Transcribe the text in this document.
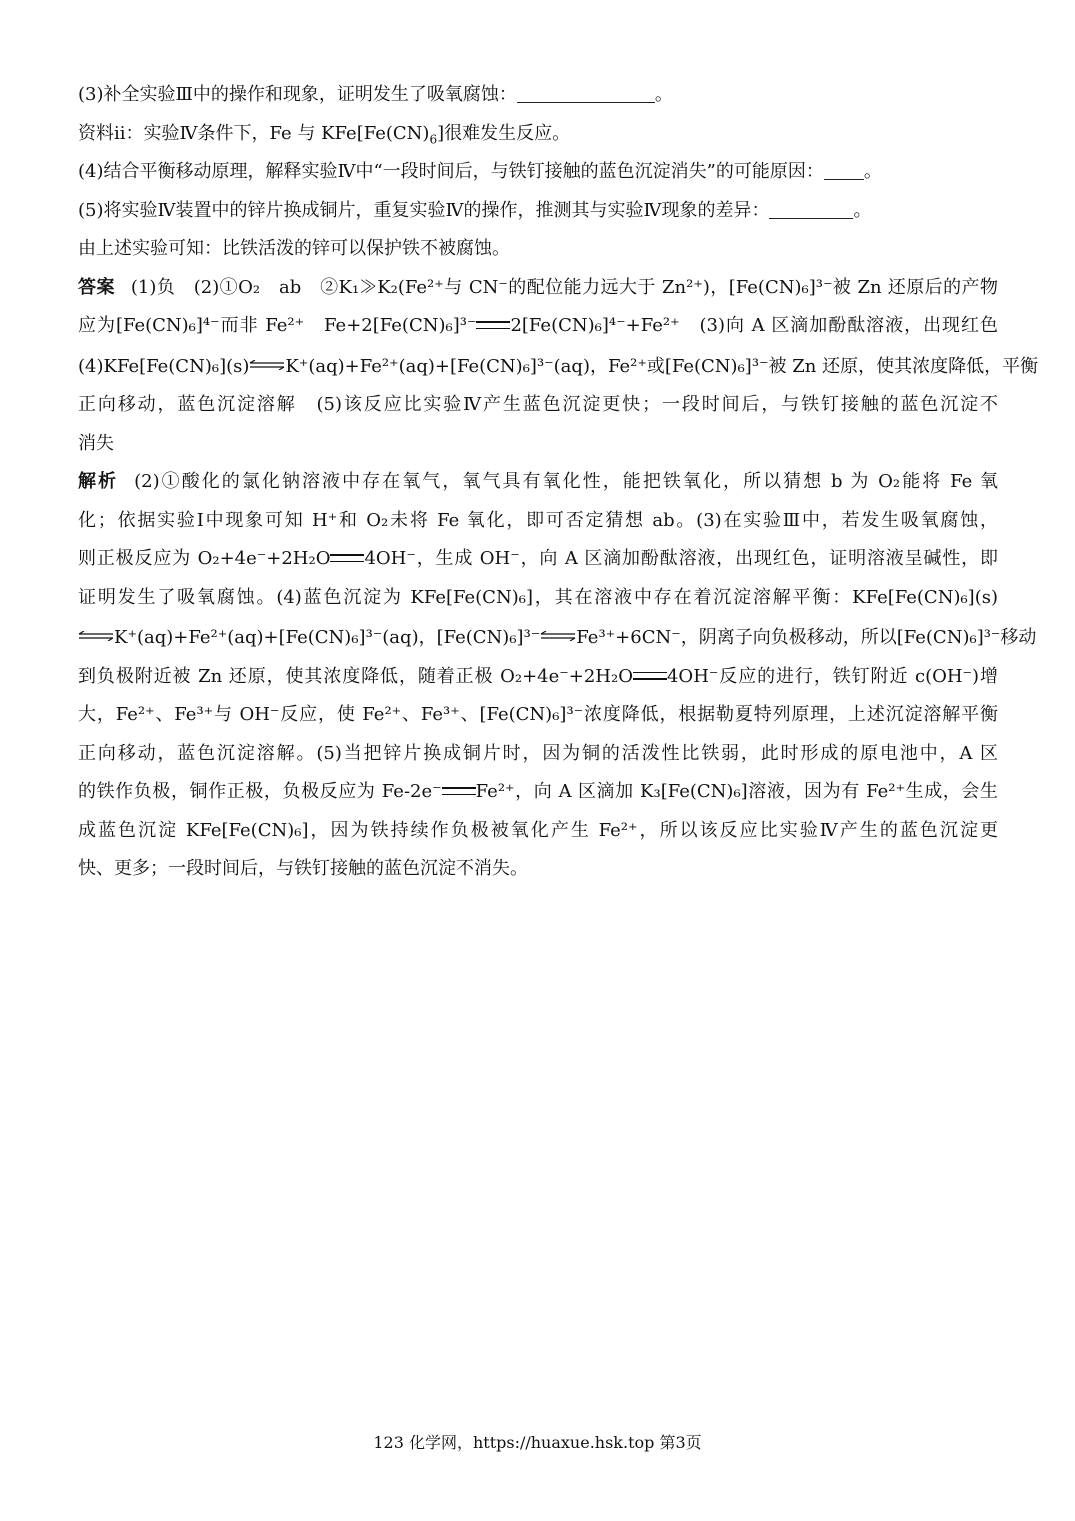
(3)补全实验Ⅲ中的操作和现象，证明发生了吸氧腐蚀：	。
资料ⅱ：实验Ⅳ条件下，Fe 与 $KFe[Fe(CN)_6]$很难发生反应。
(4)结合平衡移动原理，解释实验Ⅳ中“一段时间后，与铁钉接触的蓝色沉淀消失”的可能原因： 。
(5)将实验Ⅳ装置中的锌片换成铜片，重复实验Ⅳ的操作，推测其与实验Ⅳ现象的差异：	。
由上述实验可知：比铁活泼的锌可以保护铁不被腐蚀。
答案 (1)负　(2)①O₂　ab　②K₁≫K₂(Fe²⁺与 CN⁻的配位能力远大于 Zn²⁺)，[Fe(CN)₆]³⁻被 Zn 还原后的产物
应为[Fe(CN)₆]⁴⁻而非 Fe²⁺　Fe+2[Fe(CN)₆]³⁻ 2[Fe(CN)₆]⁴⁻+Fe²⁺　(3)向 A 区滴加酚酞溶液，出现红色
(4)KFe[Fe(CN)₆](s)⇌K⁺(aq)+Fe²⁺(aq)+[Fe(CN)₆]³⁻(aq)，Fe²⁺或[Fe(CN)₆]³⁻被 Zn 还原，使其浓度降低，平衡
正向移动，蓝色沉淀溶解　(5)该反应比实验Ⅳ产生蓝色沉淀更快；一段时间后，与铁钉接触的蓝色沉淀不
消失
解析 (2)①酸化的氯化钠溶液中存在氧气，氧气具有氧化性，能把铁氧化，所以猜想 b 为 O₂能将 Fe 氧
化；依据实验Ⅰ中现象可知 H⁺和 O₂未将 Fe 氧化，即可否定猜想 ab。(3)在实验Ⅲ中，若发生吸氧腐蚀，
则正极反应为 O₂+4e⁻+2H₂O 4OH⁻，生成 OH⁻，向 A 区滴加酚酞溶液，出现红色，证明溶液呈碱性，即
证明发生了吸氧腐蚀。(4)蓝色沉淀为 KFe[Fe(CN)₆]，其在溶液中存在着沉淀溶解平衡：KFe[Fe(CN)₆](s)
⇌K⁺(aq)+Fe²⁺(aq)+[Fe(CN)₆]³⁻(aq)，[Fe(CN)₆]³⁻⇌Fe³⁺+6CN⁻，阴离子向负极移动，所以[Fe(CN)₆]³⁻移动
到负极附近被 Zn 还原，使其浓度降低，随着正极 O₂+4e⁻+2H₂O 4OH⁻反应的进行，铁钉附近 c(OH⁻)增
大，Fe²⁺、Fe³⁺与 OH⁻反应，使 Fe²⁺、Fe³⁺、[Fe(CN)₆]³⁻浓度降低，根据勒夏特列原理，上述沉淀溶解平衡
正向移动，蓝色沉淀溶解。(5)当把锌片换成铜片时，因为铜的活泼性比铁弱，此时形成的原电池中，A 区
的铁作负极，铜作正极，负极反应为 Fe-2e⁻ Fe²⁺，向 A 区滴加 K₃[Fe(CN)₆]溶液，因为有 Fe²⁺生成，会生
成蓝色沉淀 KFe[Fe(CN)₆]，因为铁持续作负极被氧化产生 Fe²⁺，所以该反应比实验Ⅳ产生的蓝色沉淀更
快、更多；一段时间后，与铁钉接触的蓝色沉淀不消失。
123 化学网，https://huaxue.hsk.top 第3页
